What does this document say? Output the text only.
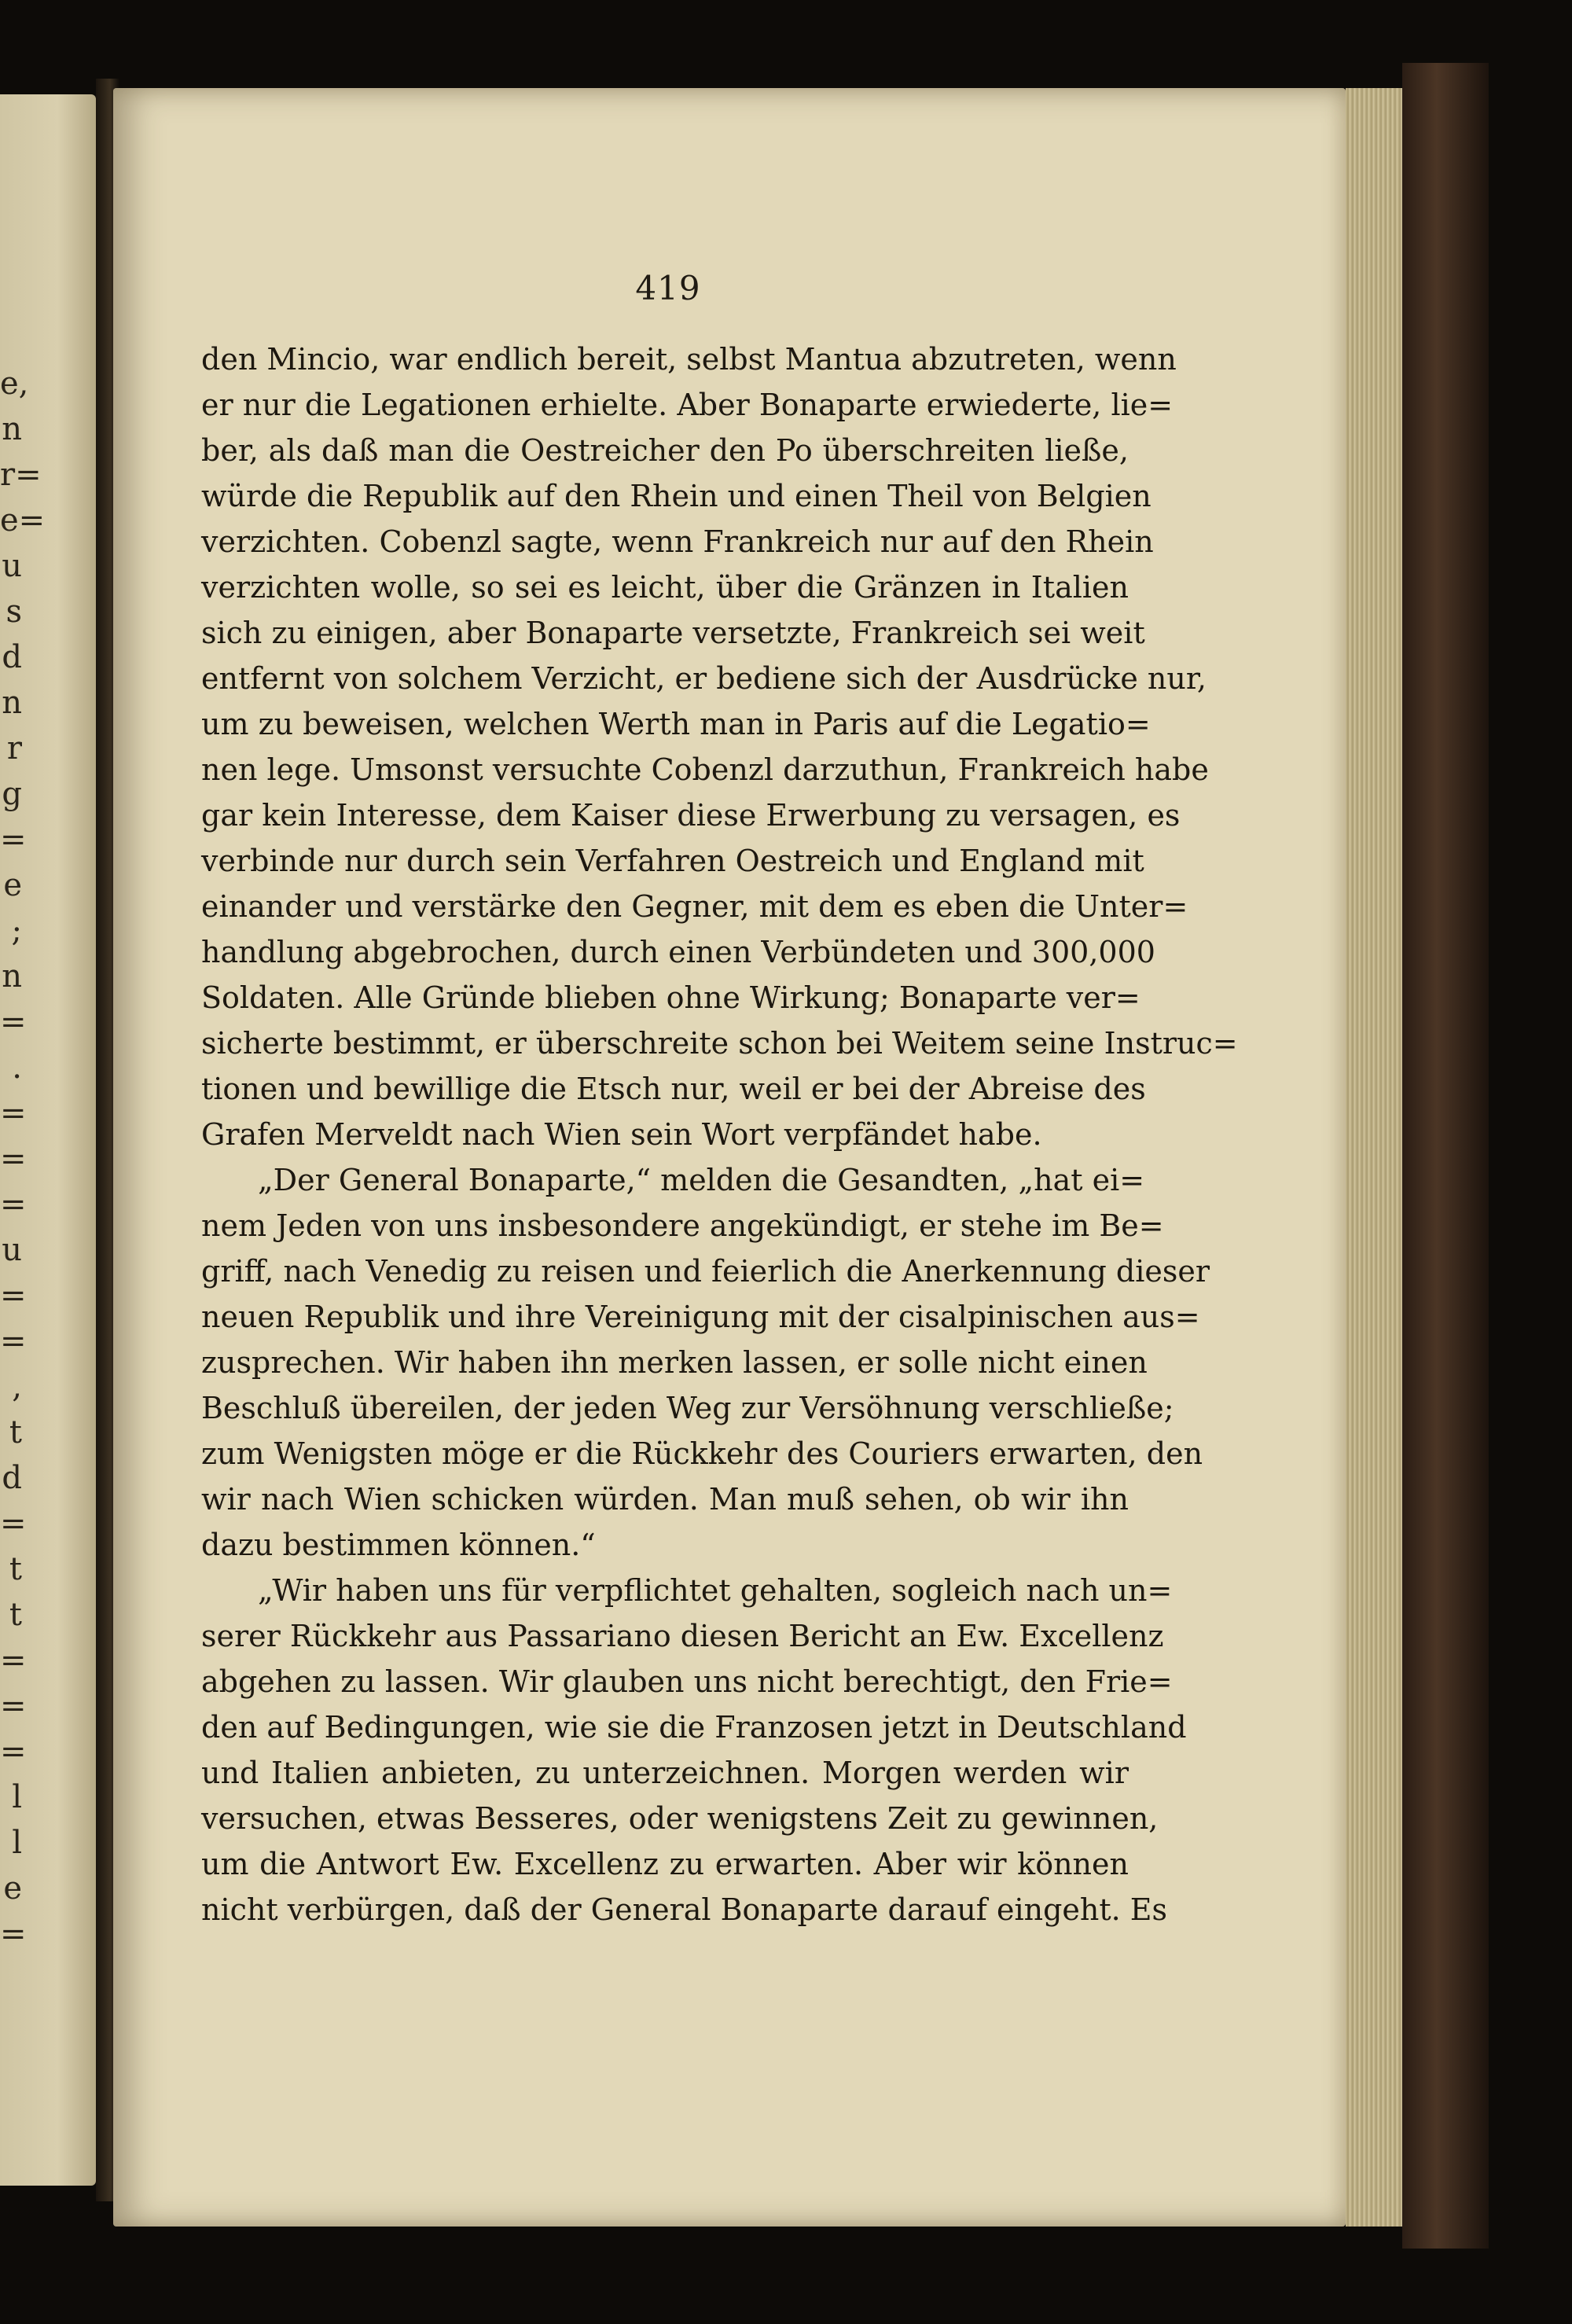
e,
n
r=
e=
u
s
d
n
r
g
=
e
;
n
=
.
=
=
=
u
=
=
,
t
d
=
t
t
=
=
=
l
l
e
=
419
den Mincio, war endlich bereit, selbst Mantua abzutreten, wenn
er nur die Legationen erhielte. Aber Bonaparte erwiederte, lie=
ber, als daß man die Oestreicher den Po überschreiten ließe,
würde die Republik auf den Rhein und einen Theil von Belgien
verzichten. Cobenzl sagte, wenn Frankreich nur auf den Rhein
verzichten wolle, so sei es leicht, über die Gränzen in Italien
sich zu einigen, aber Bonaparte versetzte, Frankreich sei weit
entfernt von solchem Verzicht, er bediene sich der Ausdrücke nur,
um zu beweisen, welchen Werth man in Paris auf die Legatio=
nen lege. Umsonst versuchte Cobenzl darzuthun, Frankreich habe
gar kein Interesse, dem Kaiser diese Erwerbung zu versagen, es
verbinde nur durch sein Verfahren Oestreich und England mit
einander und verstärke den Gegner, mit dem es eben die Unter=
handlung abgebrochen, durch einen Verbündeten und 300,000
Soldaten. Alle Gründe blieben ohne Wirkung; Bonaparte ver=
sicherte bestimmt, er überschreite schon bei Weitem seine Instruc=
tionen und bewillige die Etsch nur, weil er bei der Abreise des
Grafen Merveldt nach Wien sein Wort verpfändet habe.
„Der General Bonaparte,“ melden die Gesandten, „hat ei=
nem Jeden von uns insbesondere angekündigt, er stehe im Be=
griff, nach Venedig zu reisen und feierlich die Anerkennung dieser
neuen Republik und ihre Vereinigung mit der cisalpinischen aus=
zusprechen. Wir haben ihn merken lassen, er solle nicht einen
Beschluß übereilen, der jeden Weg zur Versöhnung verschließe;
zum Wenigsten möge er die Rückkehr des Couriers erwarten, den
wir nach Wien schicken würden. Man muß sehen, ob wir ihn
dazu bestimmen können.“
„Wir haben uns für verpflichtet gehalten, sogleich nach un=
serer Rückkehr aus Passariano diesen Bericht an Ew. Excellenz
abgehen zu lassen. Wir glauben uns nicht berechtigt, den Frie=
den auf Bedingungen, wie sie die Franzosen jetzt in Deutschland
und Italien anbieten, zu unterzeichnen. Morgen werden wir
versuchen, etwas Besseres, oder wenigstens Zeit zu gewinnen,
um die Antwort Ew. Excellenz zu erwarten. Aber wir können
nicht verbürgen, daß der General Bonaparte darauf eingeht. Es
